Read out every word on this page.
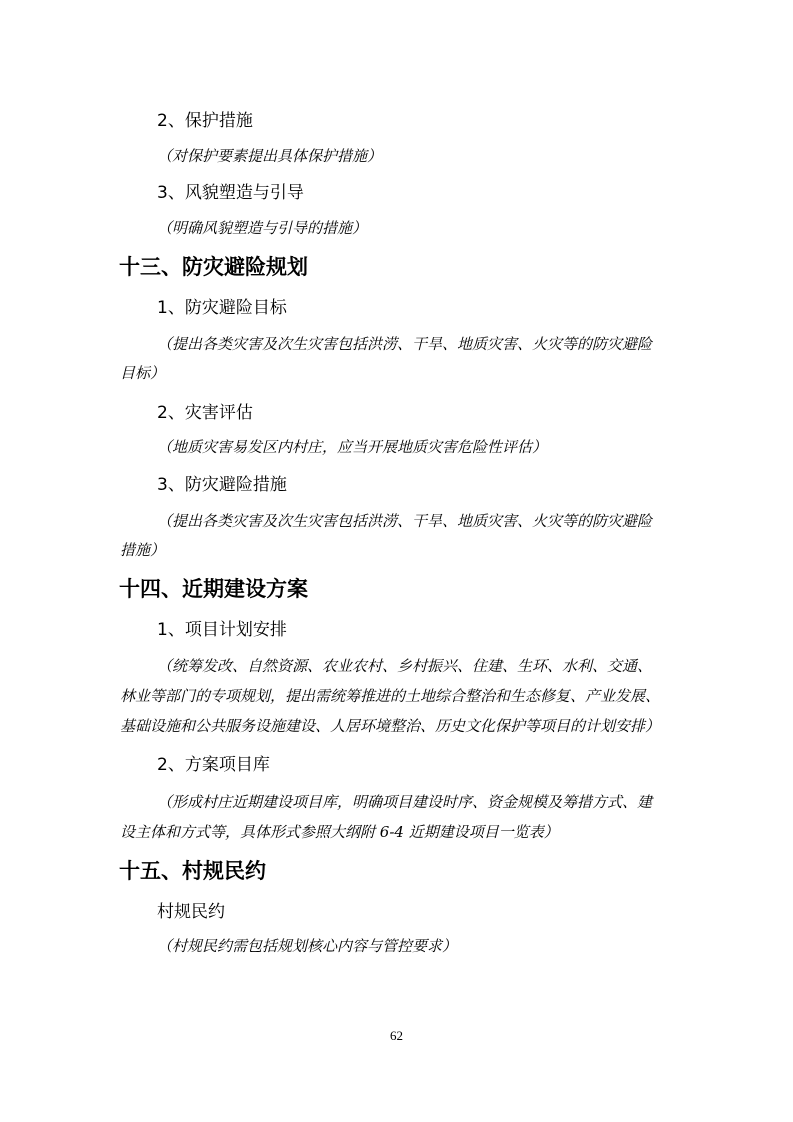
2、保护措施
（对保护要素提出具体保护措施）
3、风貌塑造与引导
（明确风貌塑造与引导的措施）
十三、防灾避险规划
1、防灾避险目标
（提出各类灾害及次生灾害包括洪涝、干旱、地质灾害、火灾等的防灾避险
目标）
2、灾害评估
（地质灾害易发区内村庄，应当开展地质灾害危险性评估）
3、防灾避险措施
（提出各类灾害及次生灾害包括洪涝、干旱、地质灾害、火灾等的防灾避险
措施）
十四、近期建设方案
1、项目计划安排
（统筹发改、自然资源、农业农村、乡村振兴、住建、生环、水利、交通、
林业等部门的专项规划，提出需统筹推进的土地综合整治和生态修复、产业发展、
基础设施和公共服务设施建设、人居环境整治、历史文化保护等项目的计划安排）
2、方案项目库
（形成村庄近期建设项目库，明确项目建设时序、资金规模及筹措方式、建
设主体和方式等，具体形式参照大纲附 6-4 近期建设项目一览表）
十五、村规民约
村规民约
（村规民约需包括规划核心内容与管控要求）
62
